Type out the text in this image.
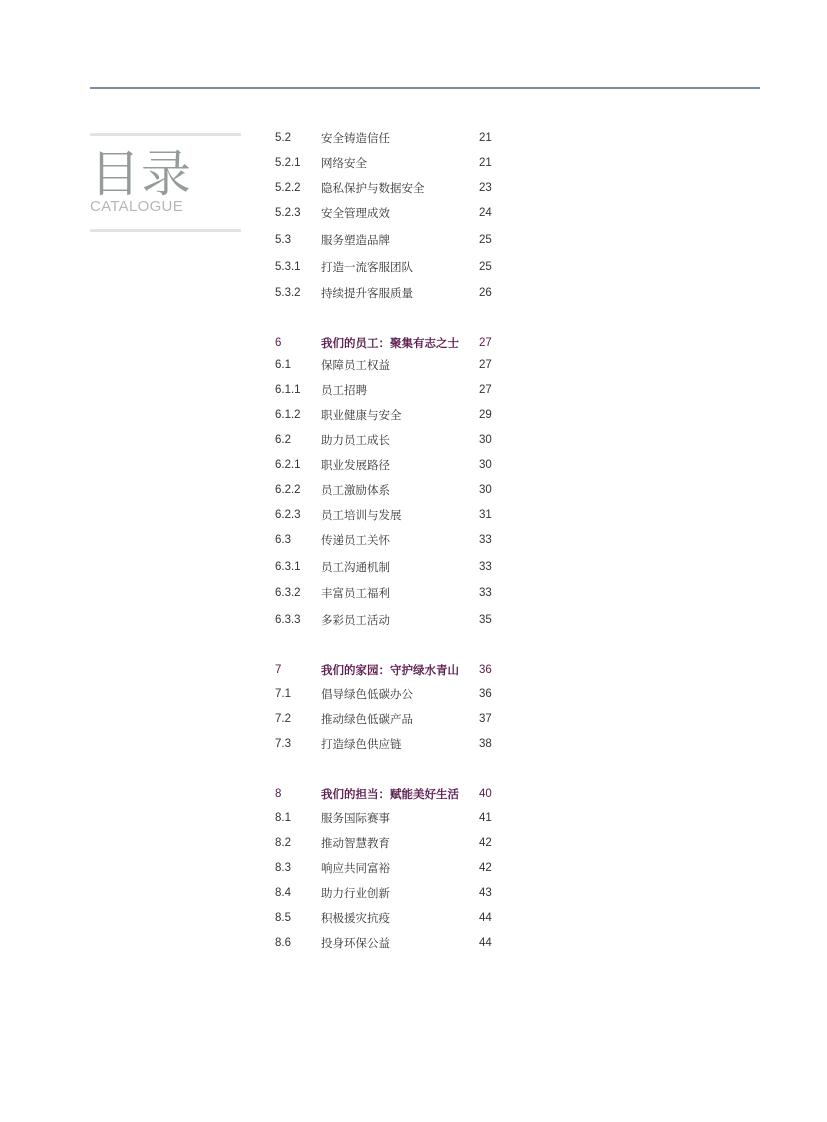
目录
CATALOGUE
5.2	安全铸造信任	21
5.2.1 网络安全	21
5.2.2 隐私保护与数据安全	23
5.2.3 安全管理成效	24
5.3	服务塑造品牌	25
5.3.1 打造一流客服团队	25
5.3.2 持续提升客服质量	26
6	我们的员工：聚集有志之士 27
6.1	保障员工权益	27
6.1.1 员工招聘	27
6.1.2 职业健康与安全	29
6.2	助力员工成长	30
6.2.1 职业发展路径	30
6.2.2 员工激励体系	30
6.2.3 员工培训与发展	31
6.3	传递员工关怀	33
6.3.1 员工沟通机制	33
6.3.2 丰富员工福利	33
6.3.3 多彩员工活动	35
7	我们的家园：守护绿水青山 36
7.1	倡导绿色低碳办公	36
7.2	推动绿色低碳产品	37
7.3	打造绿色供应链	38
8	我们的担当：赋能美好生活 40
8.1	服务国际赛事	41
8.2	推动智慧教育	42
8.3	响应共同富裕	42
8.4	助力行业创新	43
8.5	积极援灾抗疫	44
8.6	投身环保公益	44
